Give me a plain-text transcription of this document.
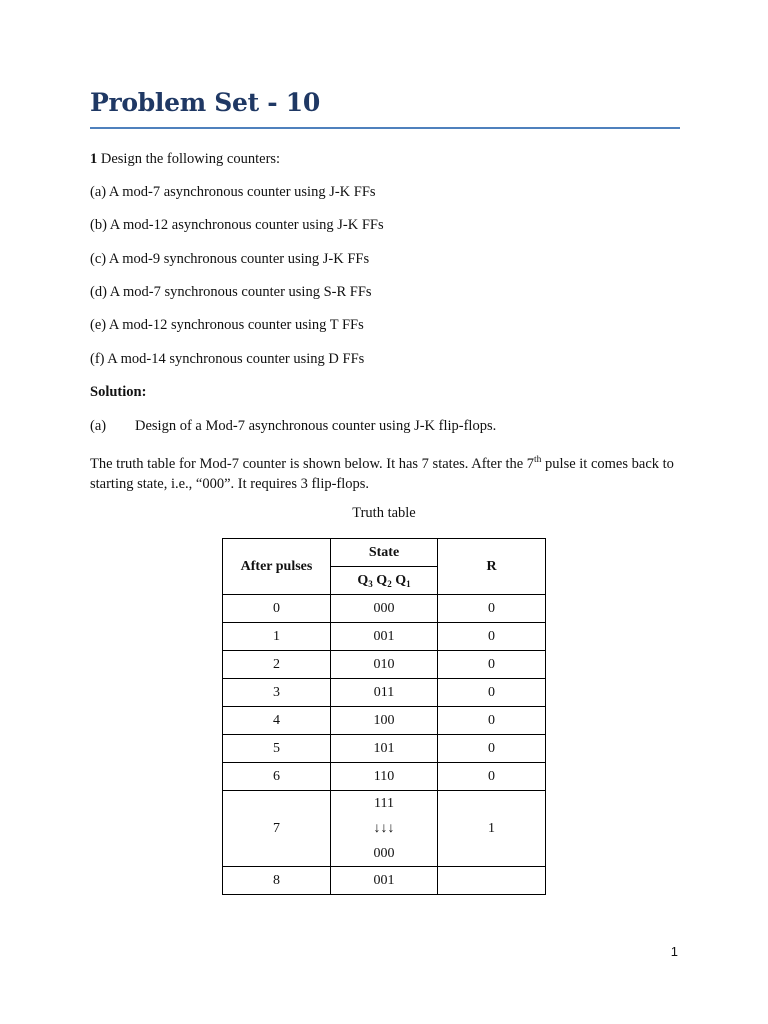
Problem Set - 10
1 Design the following counters:
(a) A mod-7 asynchronous counter using J-K FFs
(b) A mod-12 asynchronous counter using J-K FFs
(c) A mod-9 synchronous counter using J-K FFs
(d) A mod-7 synchronous counter using S-R FFs
(e) A mod-12 synchronous counter using T FFs
(f) A mod-14 synchronous counter using D FFs
Solution:
(a) Design of a Mod-7 asynchronous counter using J-K flip-flops.
The truth table for Mod-7 counter is shown below. It has 7 states. After the 7th pulse it comes back to starting state, i.e., “000”. It requires 3 flip-flops.
Truth table
After pulses	State	R
	$Q_3$ $Q_2$ $Q_1$
0	000	0
1	001	0
2	010	0
3	011	0
4	100	0
5	101	0
6	110	0
7	111
↓↓↓
000	1
8	001	
1
